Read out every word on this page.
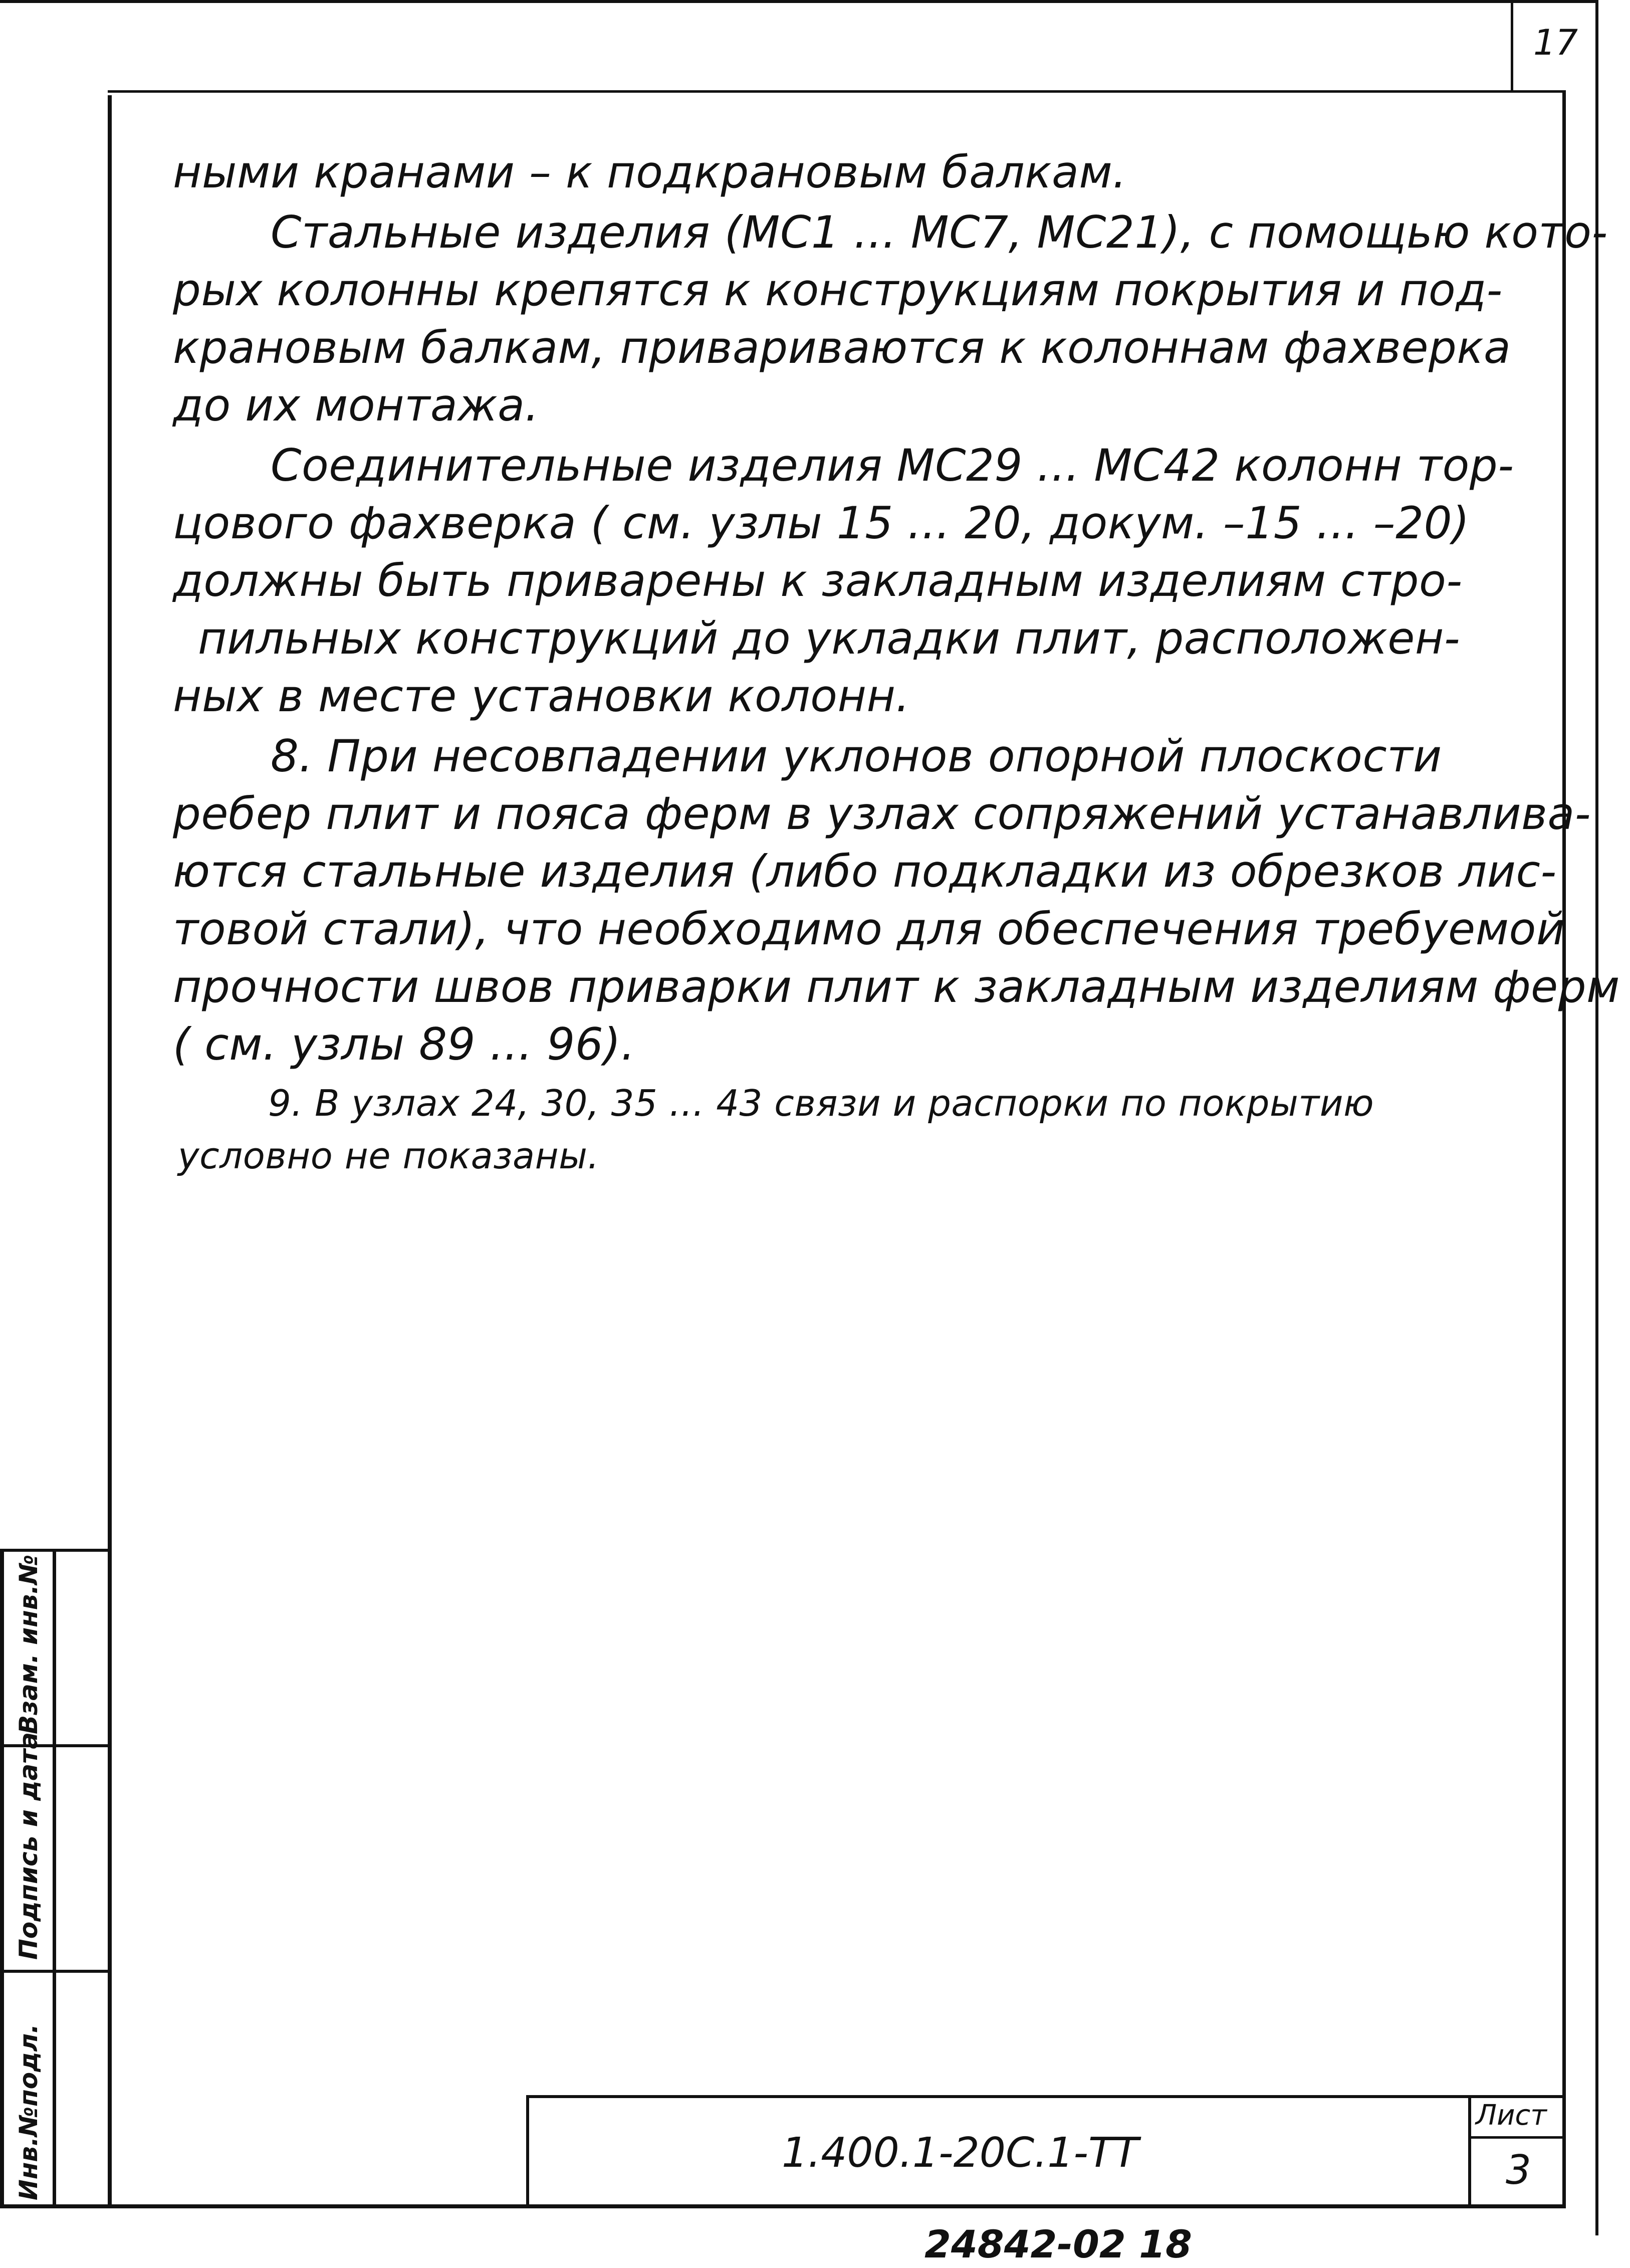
17
ными кранами – к подкрановым балкам.
Стальные изделия (МС1 ... МС7, МС21), с помощью кото-
рых колонны крепятся к конструкциям покрытия и под-
крановым балкам, привариваются к колоннам фахверка
до их монтажа.
Соединительные изделия МС29 ... МС42 колонн тор-
цового фахверка ( см. узлы 15 ... 20, докум. –15 ... –20)
должны быть приварены к закладным изделиям стро-
пильных конструкций до укладки плит, расположен-
ных в месте установки колонн.
8. При несовпадении уклонов опорной плоскости
ребер плит и пояса ферм в узлах сопряжений устанавлива-
ются стальные изделия (либо подкладки из обрезков лис-
товой стали), что необходимо для обеспечения требуемой
прочности швов приварки плит к закладным изделиям ферм
( см. узлы 89 ... 96).
9. В узлах 24, 30, 35 ... 43 связи и распорки по покрытию
условно не показаны.
Взам. инв.№
Подпись и дата
Инв.№подл.	1.400.1-20С.1-ТТ
Лист
3
24842-02 18
